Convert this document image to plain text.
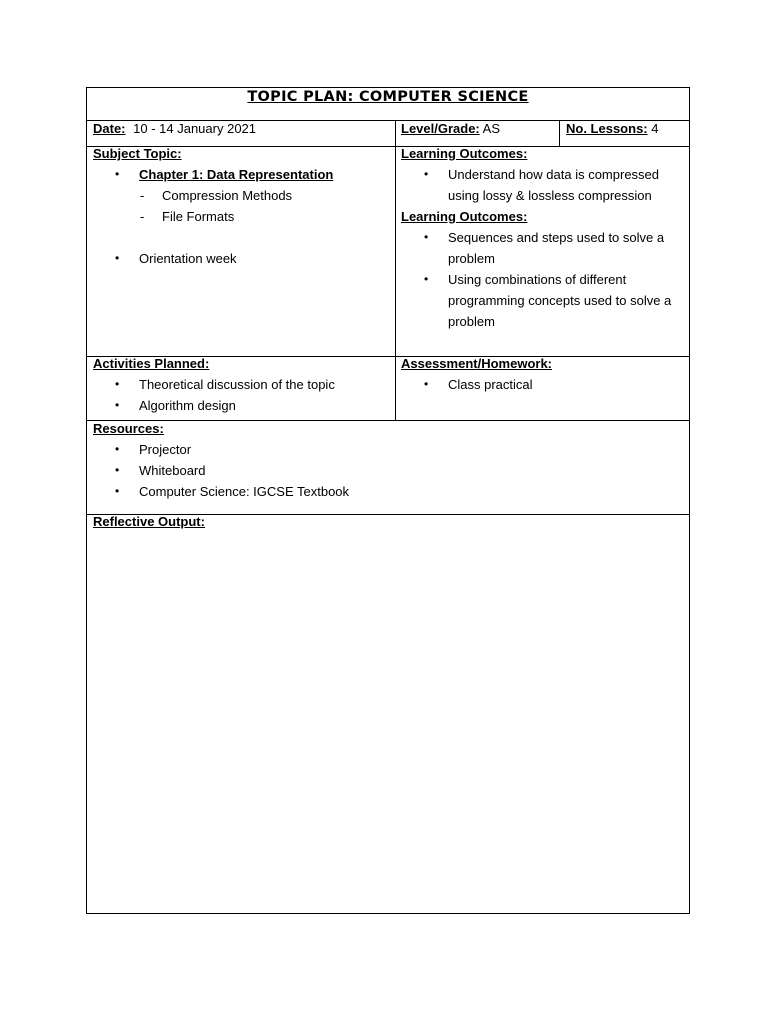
TOPIC PLAN: COMPUTER SCIENCE
Date: 10 - 14 January 2021	Level/Grade: AS	No. Lessons: 4
Subject Topic:
• Chapter 1: Data Representation
- Compression Methods
- File Formats
• Orientation week
Learning Outcomes:
• Understand how data is compressed
using lossy & lossless compression
Learning Outcomes:
• Sequences and steps used to solve a
problem
• Using combinations of different
programming concepts used to solve a
problem
Activities Planned:
• Theoretical discussion of the topic
• Algorithm design
Assessment/Homework:
• Class practical
Resources:
• Projector
• Whiteboard
• Computer Science: IGCSE Textbook
Reflective Output:
